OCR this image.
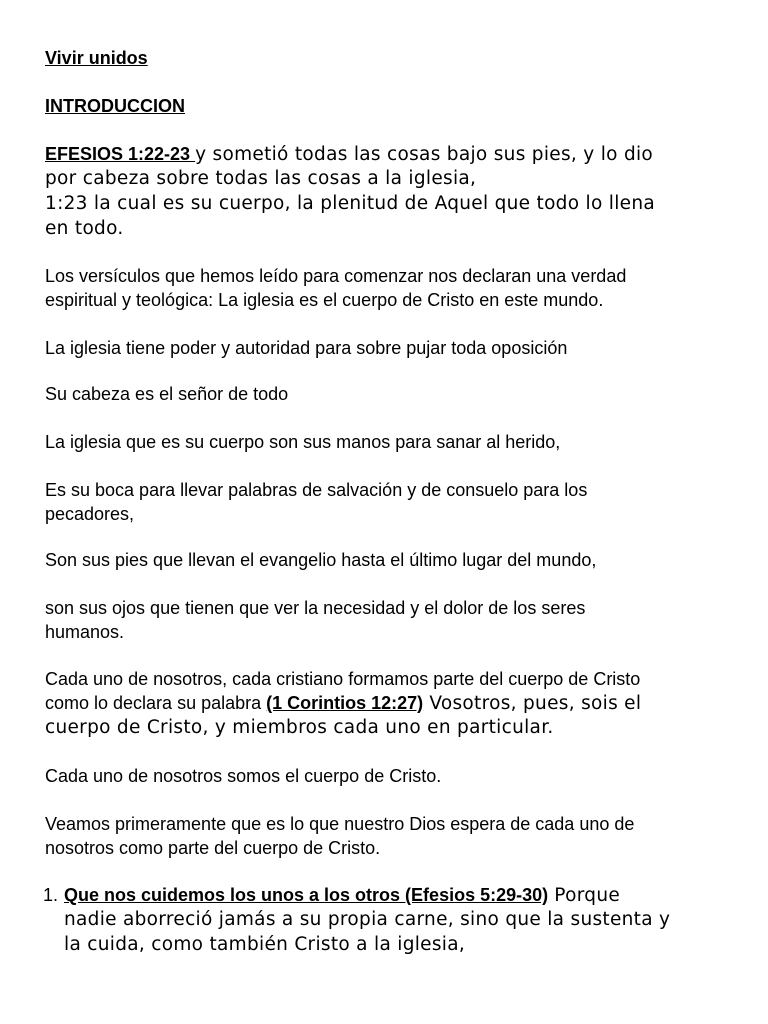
Vivir unidos
INTRODUCCION
EFESIOS 1:22-23 y sometió todas las cosas bajo sus pies, y lo dio
por cabeza sobre todas las cosas a la iglesia,
1:23 la cual es su cuerpo, la plenitud de Aquel que todo lo llena
en todo.
Los versículos que hemos leído para comenzar nos declaran una verdad
espiritual y teológica: La iglesia es el cuerpo de Cristo en este mundo.
La iglesia tiene poder y autoridad para sobre pujar toda oposición
Su cabeza es el señor de todo
La iglesia que es su cuerpo son sus manos para sanar al herido,
Es su boca para llevar palabras de salvación y de consuelo para los
pecadores,
Son sus pies que llevan el evangelio hasta el último lugar del mundo,
son sus ojos que tienen que ver la necesidad y el dolor de los seres
humanos.
Cada uno de nosotros, cada cristiano formamos parte del cuerpo de Cristo
como lo declara su palabra (1 Corintios 12:27) Vosotros, pues, sois el
cuerpo de Cristo, y miembros cada uno en particular.
Cada uno de nosotros somos el cuerpo de Cristo.
Veamos primeramente que es lo que nuestro Dios espera de cada uno de
nosotros como parte del cuerpo de Cristo.
1. Que nos cuidemos los unos a los otros (Efesios 5:29-30) Porque
nadie aborreció jamás a su propia carne, sino que la sustenta y
la cuida, como también Cristo a la iglesia,
